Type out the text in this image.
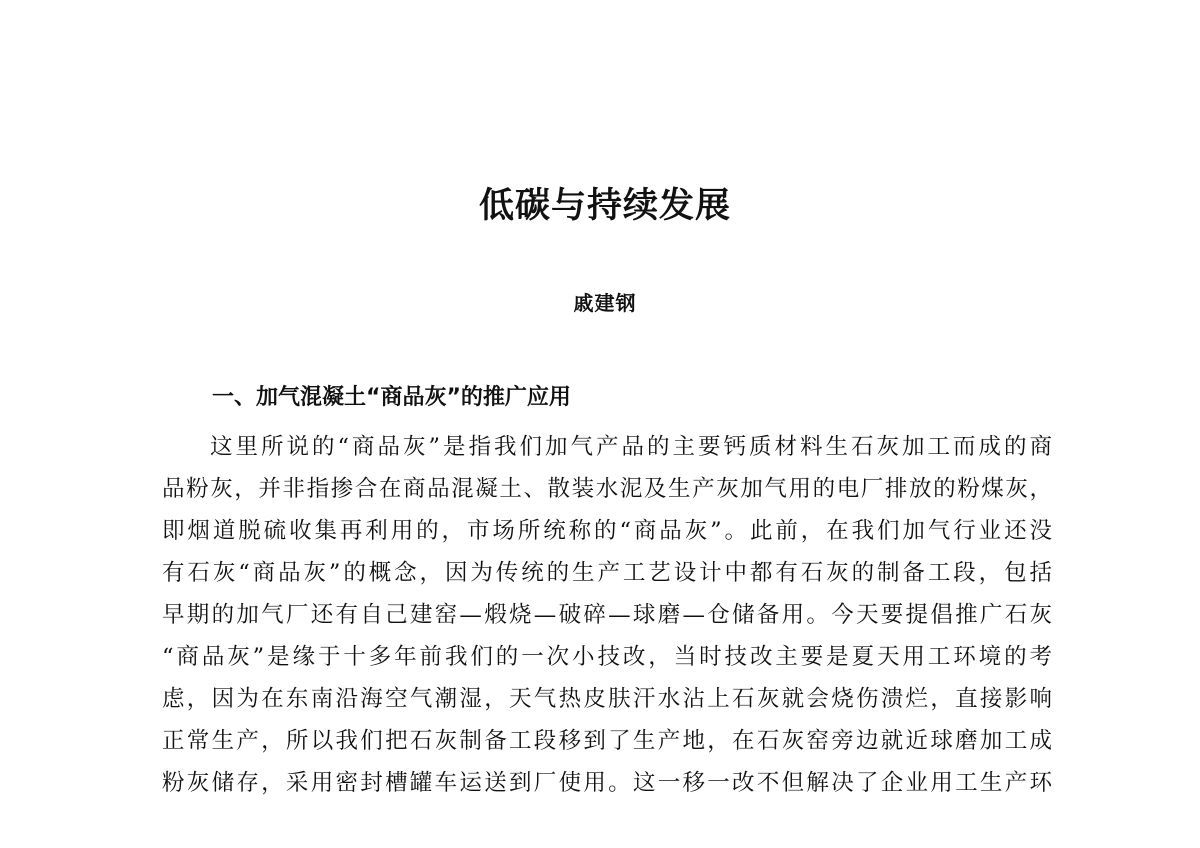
低碳与持续发展
戚建钢
一、加气混凝土“商品灰”的推广应用
这里所说的“商品灰”是指我们加气产品的主要钙质材料生石灰加工而成的商
品粉灰，并非指掺合在商品混凝土、散装水泥及生产灰加气用的电厂排放的粉煤灰，
即烟道脱硫收集再利用的，市场所统称的“商品灰”。此前，在我们加气行业还没
有石灰“商品灰”的概念，因为传统的生产工艺设计中都有石灰的制备工段，包括
早期的加气厂还有自己建窑—煅烧—破碎—球磨—仓储备用。今天要提倡推广石灰
“商品灰”是缘于十多年前我们的一次小技改，当时技改主要是夏天用工环境的考
虑，因为在东南沿海空气潮湿，天气热皮肤汗水沾上石灰就会烧伤溃烂，直接影响
正常生产，所以我们把石灰制备工段移到了生产地，在石灰窑旁边就近球磨加工成
粉灰储存，采用密封槽罐车运送到厂使用。这一移一改不但解决了企业用工生产环
